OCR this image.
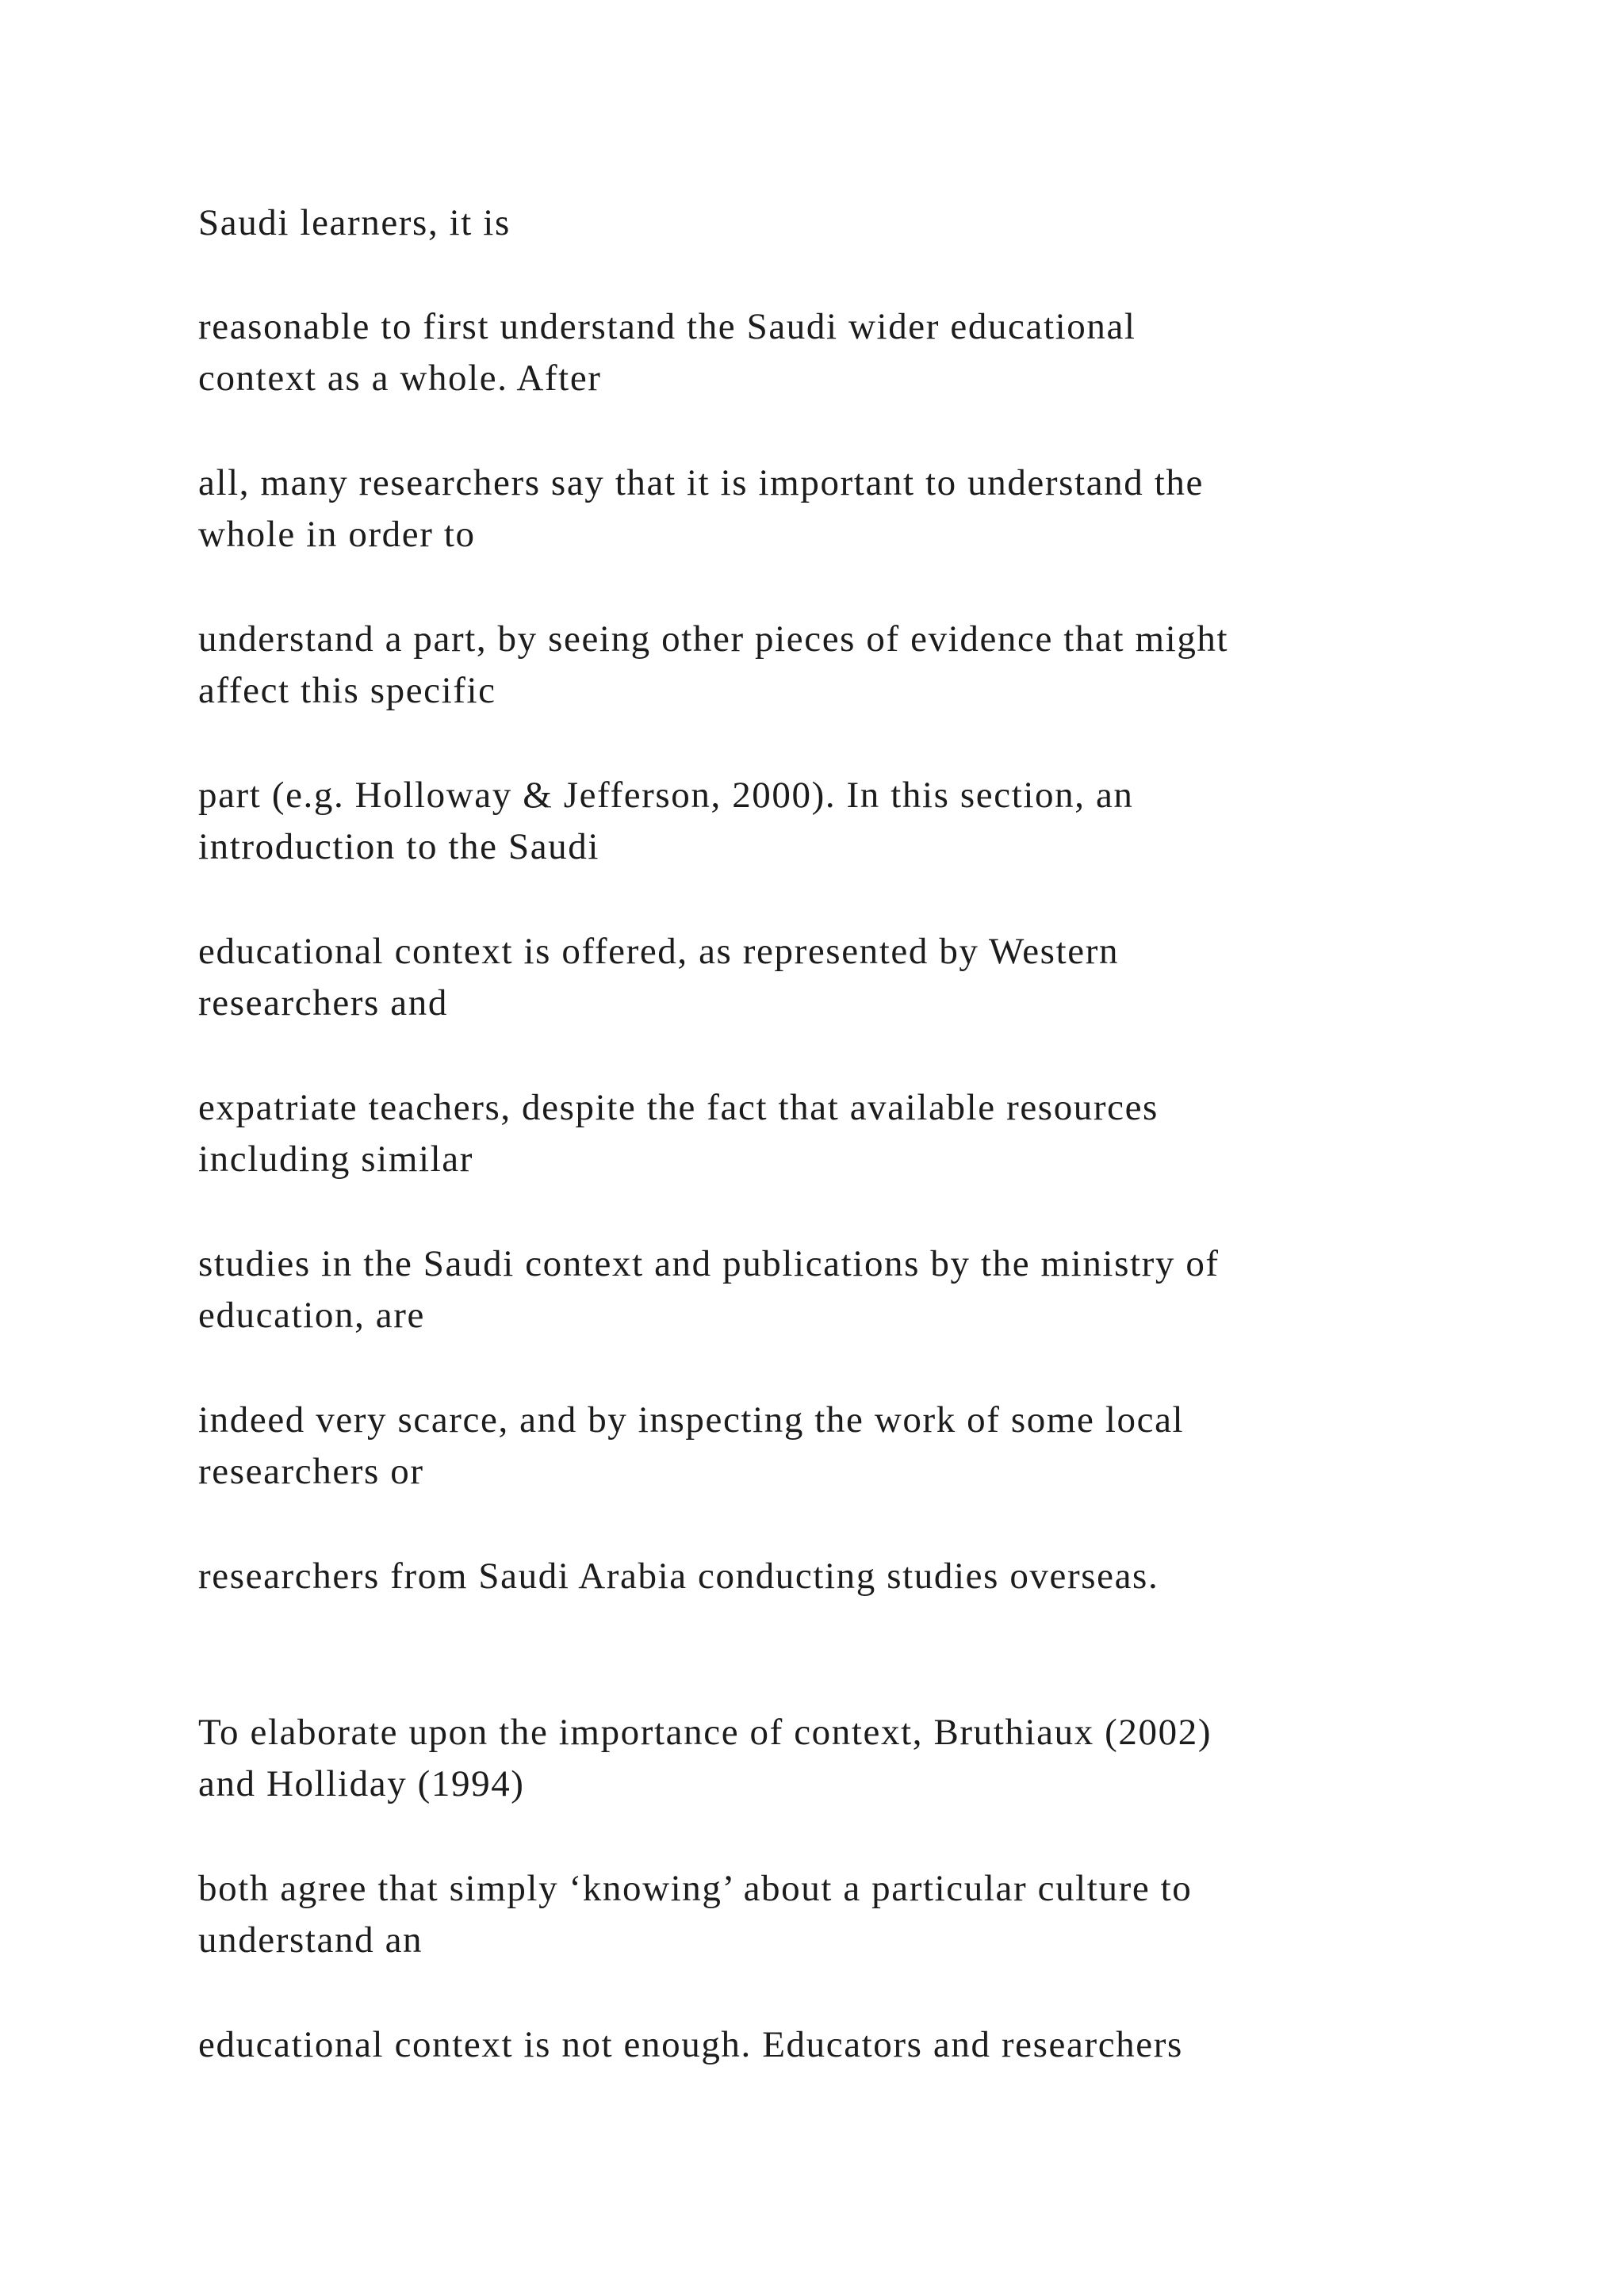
Saudi learners, it is
reasonable to first understand the Saudi wider educational
context as a whole. After
all, many researchers say that it is important to understand the
whole in order to
understand a part, by seeing other pieces of evidence that might
affect this specific
part (e.g. Holloway & Jefferson, 2000). In this section, an
introduction to the Saudi
educational context is offered, as represented by Western
researchers and
expatriate teachers, despite the fact that available resources
including similar
studies in the Saudi context and publications by the ministry of
education, are
indeed very scarce, and by inspecting the work of some local
researchers or
researchers from Saudi Arabia conducting studies overseas.
To elaborate upon the importance of context, Bruthiaux (2002)
and Holliday (1994)
both agree that simply ‘knowing’ about a particular culture to
understand an
educational context is not enough. Educators and researchers
